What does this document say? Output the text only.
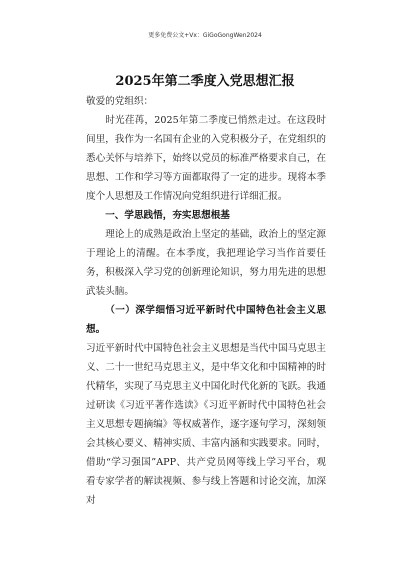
更多免费公文+Vx：GiGoGongWen2024
2025年第二季度入党思想汇报

敬爱的党组织：

时光荏苒，2025年第二季度已悄然走过。在这段时间里，我作为一名国有企业的入党积极分子，在党组织的悉心关怀与培养下，始终以党员的标准严格要求自己，在思想、工作和学习等方面都取得了一定的进步。现将本季度个人思想及工作情况向党组织进行详细汇报。

一、学思践悟，夯实思想根基

理论上的成熟是政治上坚定的基础，政治上的坚定源于理论上的清醒。在本季度，我把理论学习当作首要任务，积极深入学习党的创新理论知识，努力用先进的思想武装头脑。

（一）深学细悟习近平新时代中国特色社会主义思想。

习近平新时代中国特色社会主义思想是当代中国马克思主义、二十一世纪马克思主义，是中华文化和中国精神的时代精华，实现了马克思主义中国化时代化新的飞跃。我通过研读《习近平著作选读》《习近平新时代中国特色社会主义思想专题摘编》等权威著作，逐字逐句学习，深刻领会其核心要义、精神实质、丰富内涵和实践要求。同时，借助“学习强国”APP、共产党员网等线上学习平台，观看专家学者的解读视频、参与线上答题和讨论交流，加深对
